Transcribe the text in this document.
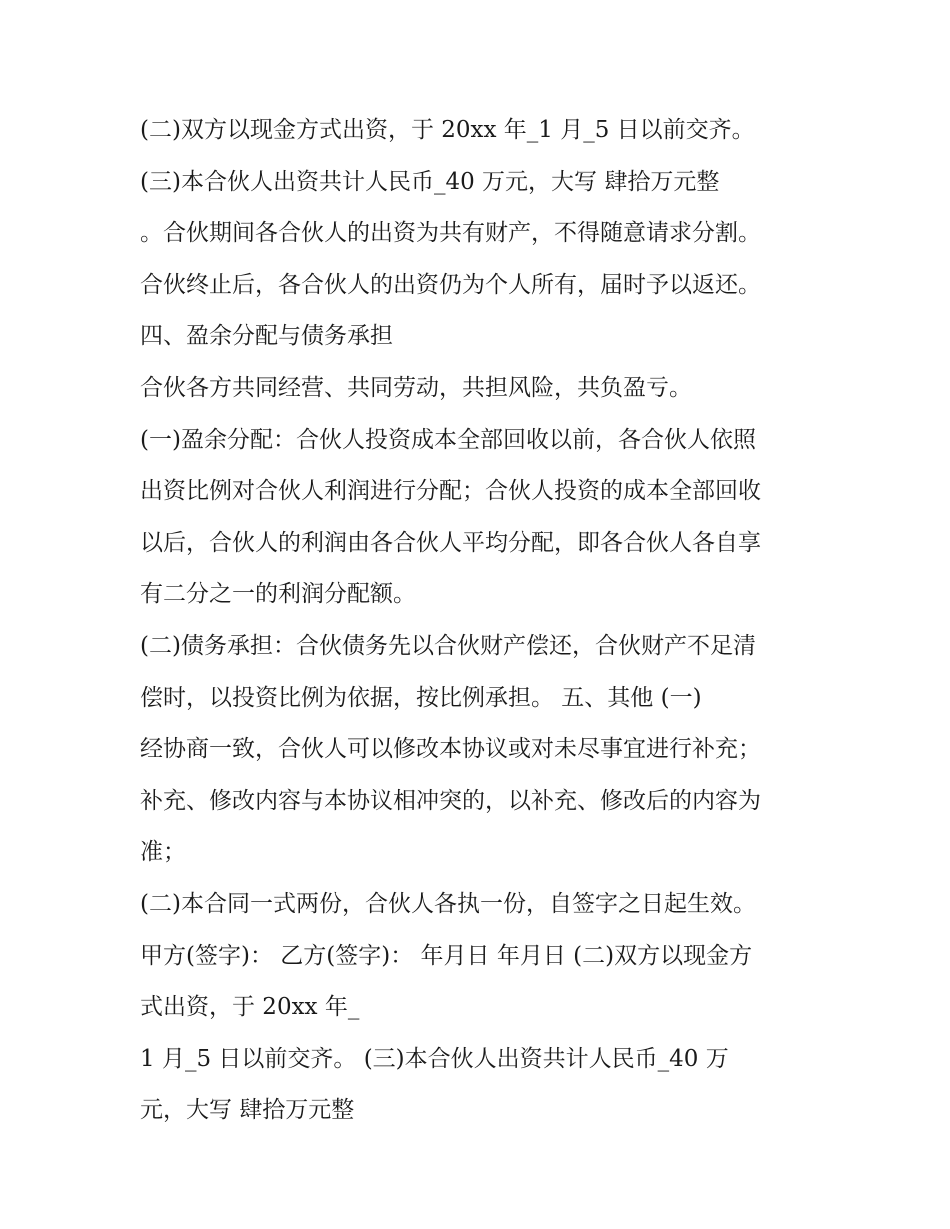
(二)双方以现金方式出资，于 20xx 年_1 月_5 日以前交齐。
(三)本合伙人出资共计人民币_40 万元，大写 肆拾万元整
。合伙期间各合伙人的出资为共有财产，不得随意请求分割。
合伙终止后，各合伙人的出资仍为个人所有，届时予以返还。
四、盈余分配与债务承担
合伙各方共同经营、共同劳动，共担风险，共负盈亏。
(一)盈余分配：合伙人投资成本全部回收以前，各合伙人依照
出资比例对合伙人利润进行分配；合伙人投资的成本全部回收
以后，合伙人的利润由各合伙人平均分配，即各合伙人各自享
有二分之一的利润分配额。
(二)债务承担：合伙债务先以合伙财产偿还，合伙财产不足清
偿时，以投资比例为依据，按比例承担。 五、其他 (一)
经协商一致，合伙人可以修改本协议或对未尽事宜进行补充；
补充、修改内容与本协议相冲突的，以补充、修改后的内容为
准；
(二)本合同一式两份，合伙人各执一份，自签字之日起生效。
甲方(签字)： 乙方(签字)： 年月日 年月日 (二)双方以现金方
式出资，于 20xx 年_
1 月_5 日以前交齐。 (三)本合伙人出资共计人民币_40 万
元，大写 肆拾万元整
